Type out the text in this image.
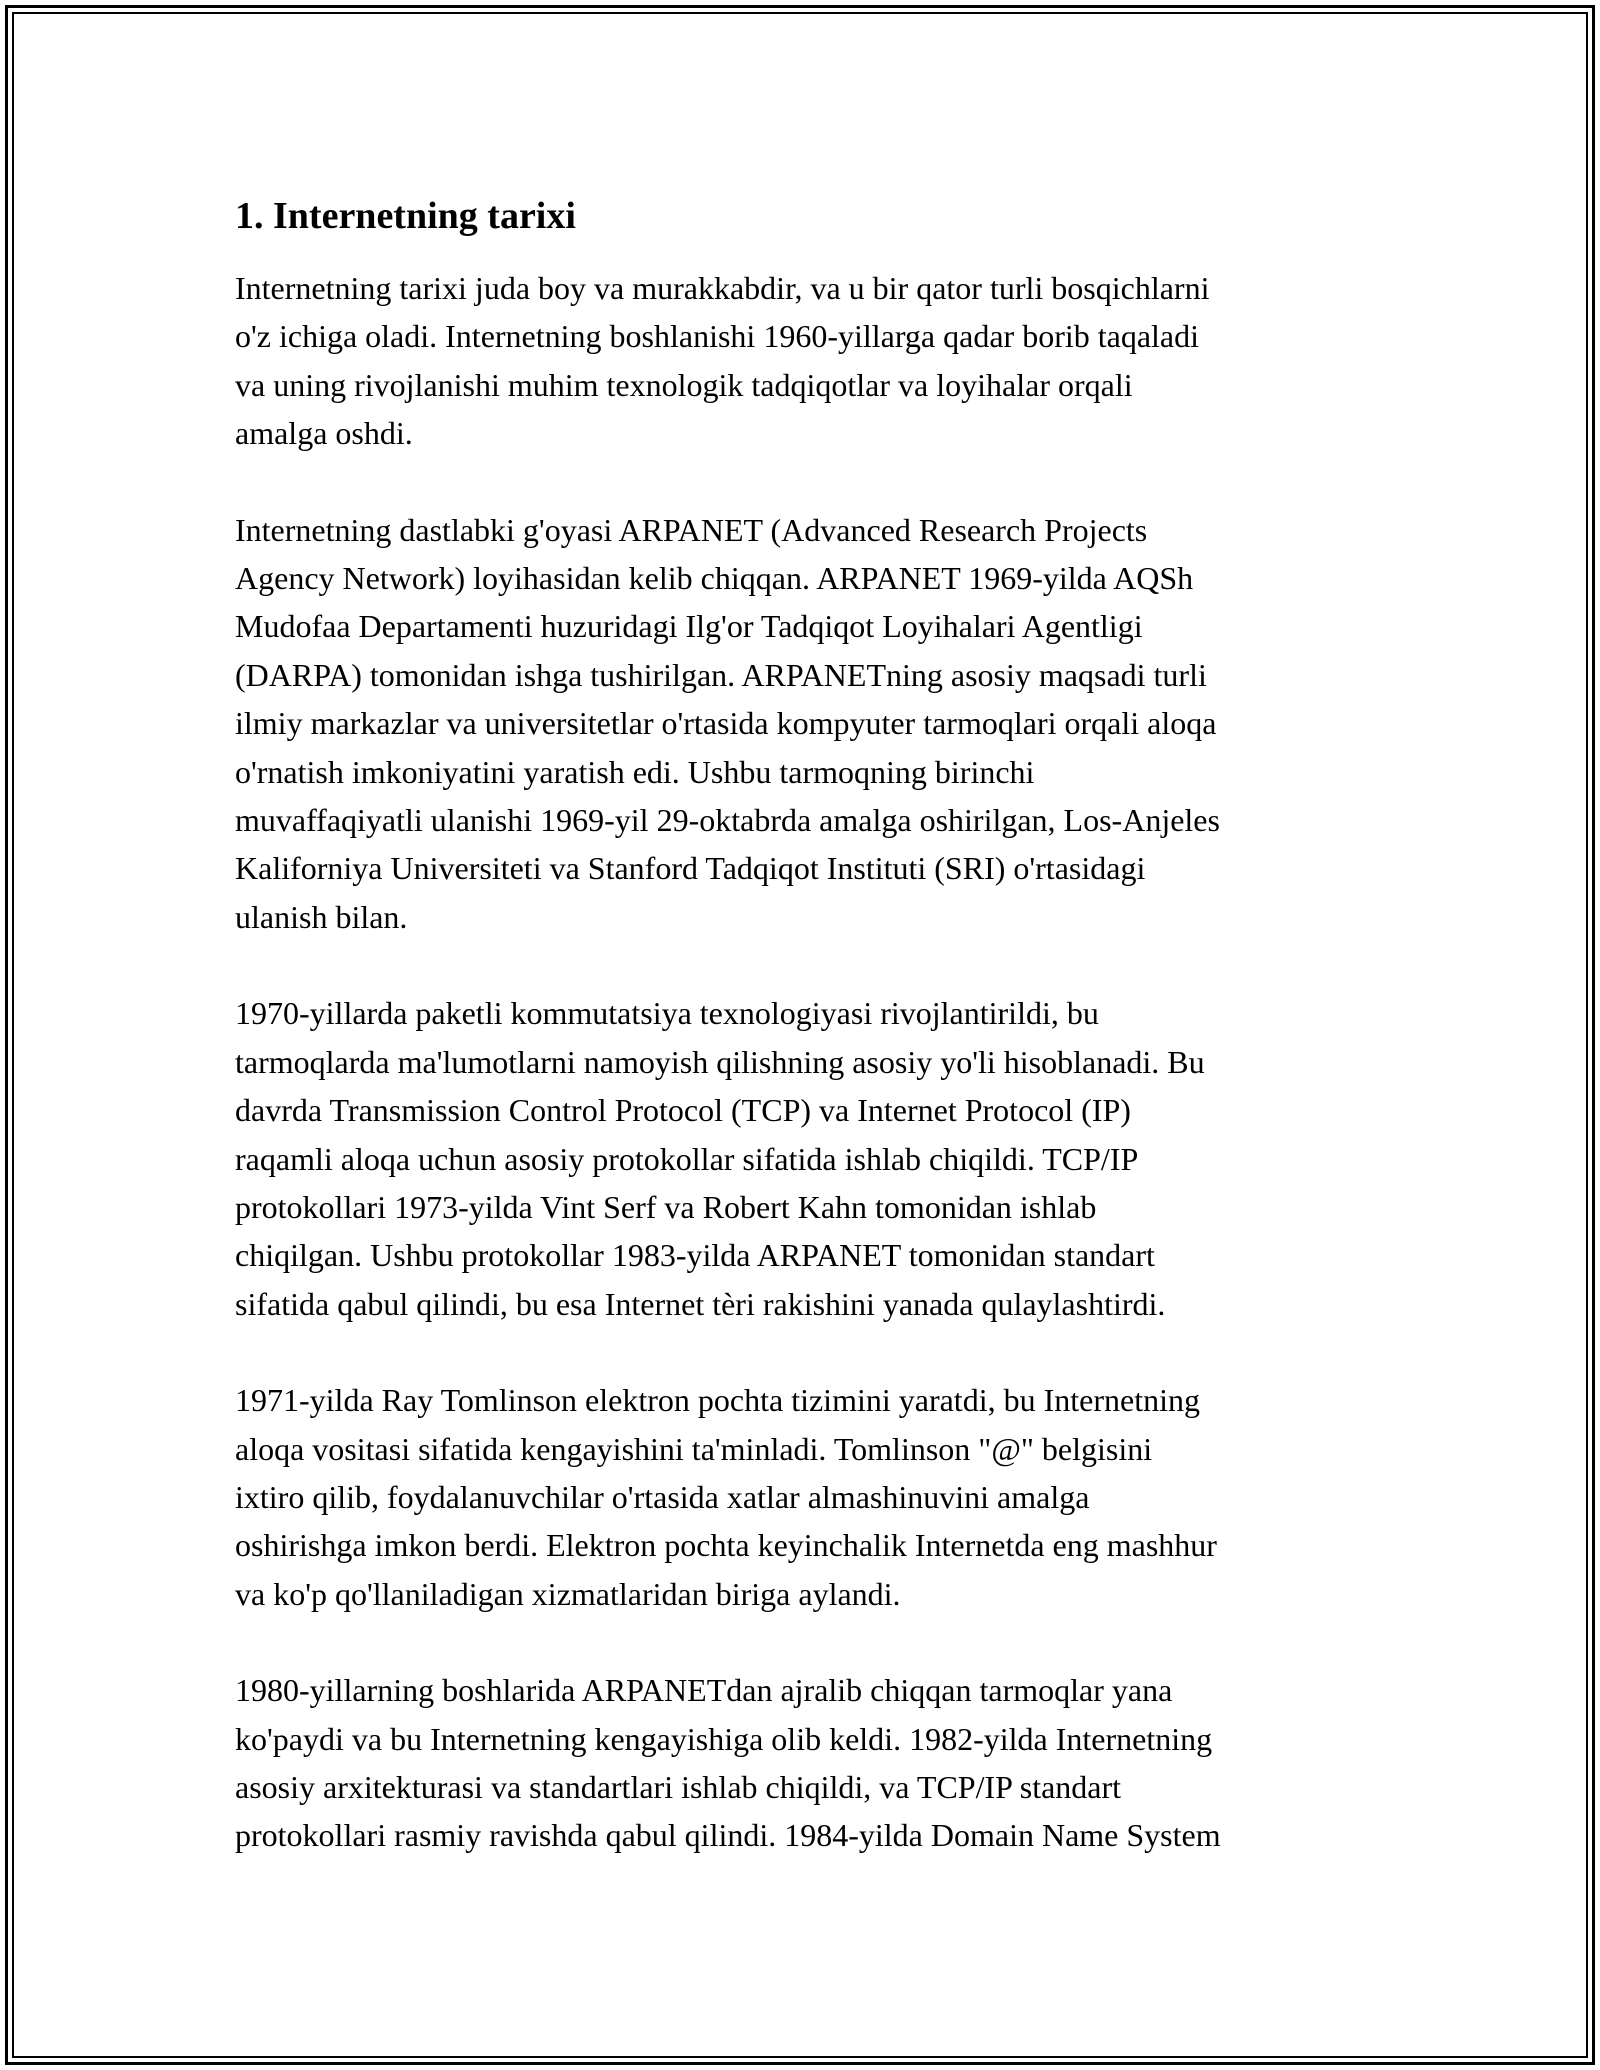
1. Internetning tarixi

Internetning tarixi juda boy va murakkabdir, va u bir qator turli bosqichlarni
o'z ichiga oladi. Internetning boshlanishi 1960-yillarga qadar borib taqaladi
va uning rivojlanishi muhim texnologik tadqiqotlar va loyihalar orqali
amalga oshdi.

Internetning dastlabki g'oyasi ARPANET (Advanced Research Projects
Agency Network) loyihasidan kelib chiqqan. ARPANET 1969-yilda AQSh
Mudofaa Departamenti huzuridagi Ilg'or Tadqiqot Loyihalari Agentligi
(DARPA) tomonidan ishga tushirilgan. ARPANETning asosiy maqsadi turli
ilmiy markazlar va universitetlar o'rtasida kompyuter tarmoqlari orqali aloqa
o'rnatish imkoniyatini yaratish edi. Ushbu tarmoqning birinchi
muvaffaqiyatli ulanishi 1969-yil 29-oktabrda amalga oshirilgan, Los-Anjeles
Kaliforniya Universiteti va Stanford Tadqiqot Instituti (SRI) o'rtasidagi
ulanish bilan.

1970-yillarda paketli kommutatsiya texnologiyasi rivojlantirildi, bu
tarmoqlarda ma'lumotlarni namoyish qilishning asosiy yo'li hisoblanadi. Bu
davrda Transmission Control Protocol (TCP) va Internet Protocol (IP)
raqamli aloqa uchun asosiy protokollar sifatida ishlab chiqildi. TCP/IP
protokollari 1973-yilda Vint Serf va Robert Kahn tomonidan ishlab
chiqilgan. Ushbu protokollar 1983-yilda ARPANET tomonidan standart
sifatida qabul qilindi, bu esa Internet tèri rakishini yanada qulaylashtirdi.

1971-yilda Ray Tomlinson elektron pochta tizimini yaratdi, bu Internetning
aloqa vositasi sifatida kengayishini ta'minladi. Tomlinson "@" belgisini
ixtiro qilib, foydalanuvchilar o'rtasida xatlar almashinuvini amalga
oshirishga imkon berdi. Elektron pochta keyinchalik Internetda eng mashhur
va ko'p qo'llaniladigan xizmatlaridan biriga aylandi.

1980-yillarning boshlarida ARPANETdan ajralib chiqqan tarmoqlar yana
ko'paydi va bu Internetning kengayishiga olib keldi. 1982-yilda Internetning
asosiy arxitekturasi va standartlari ishlab chiqildi, va TCP/IP standart
protokollari rasmiy ravishda qabul qilindi. 1984-yilda Domain Name System
